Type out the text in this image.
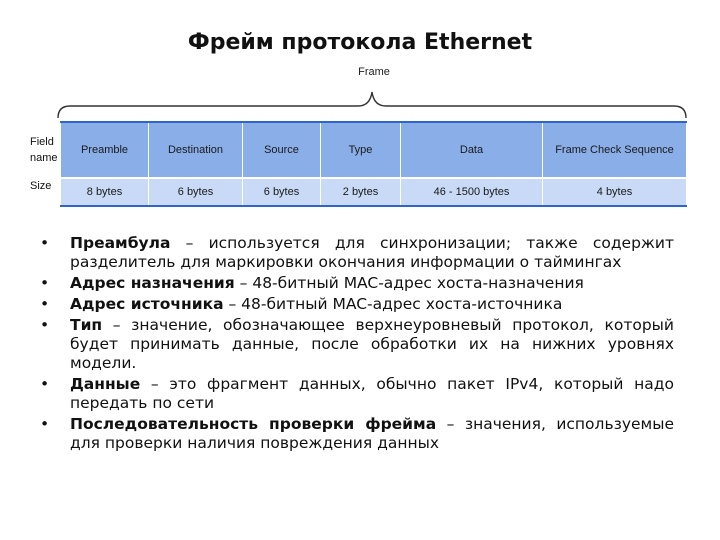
Фрейм протокола Ethernet
Frame
Field name
Size
Preamble	Destination	Source	Type	Data	Frame Check Sequence
8 bytes	6 bytes	6 bytes	2 bytes	46 - 1500 bytes	4 bytes
• Преамбула – используется для синхронизации; также содержит разделитель для маркировки окончания информации о таймингах
• Адрес назначения – 48-битный MAC-адрес хоста-назначения
• Адрес источника – 48-битный MAC-адрес хоста-источника
• Тип – значение, обозначающее верхнеуровневый протокол, который будет принимать данные, после обработки их на нижних уровнях модели.
• Данные – это фрагмент данных, обычно пакет IPv4, который надо передать по сети
• Последовательность проверки фрейма – значения, используемые для проверки наличия повреждения данных
